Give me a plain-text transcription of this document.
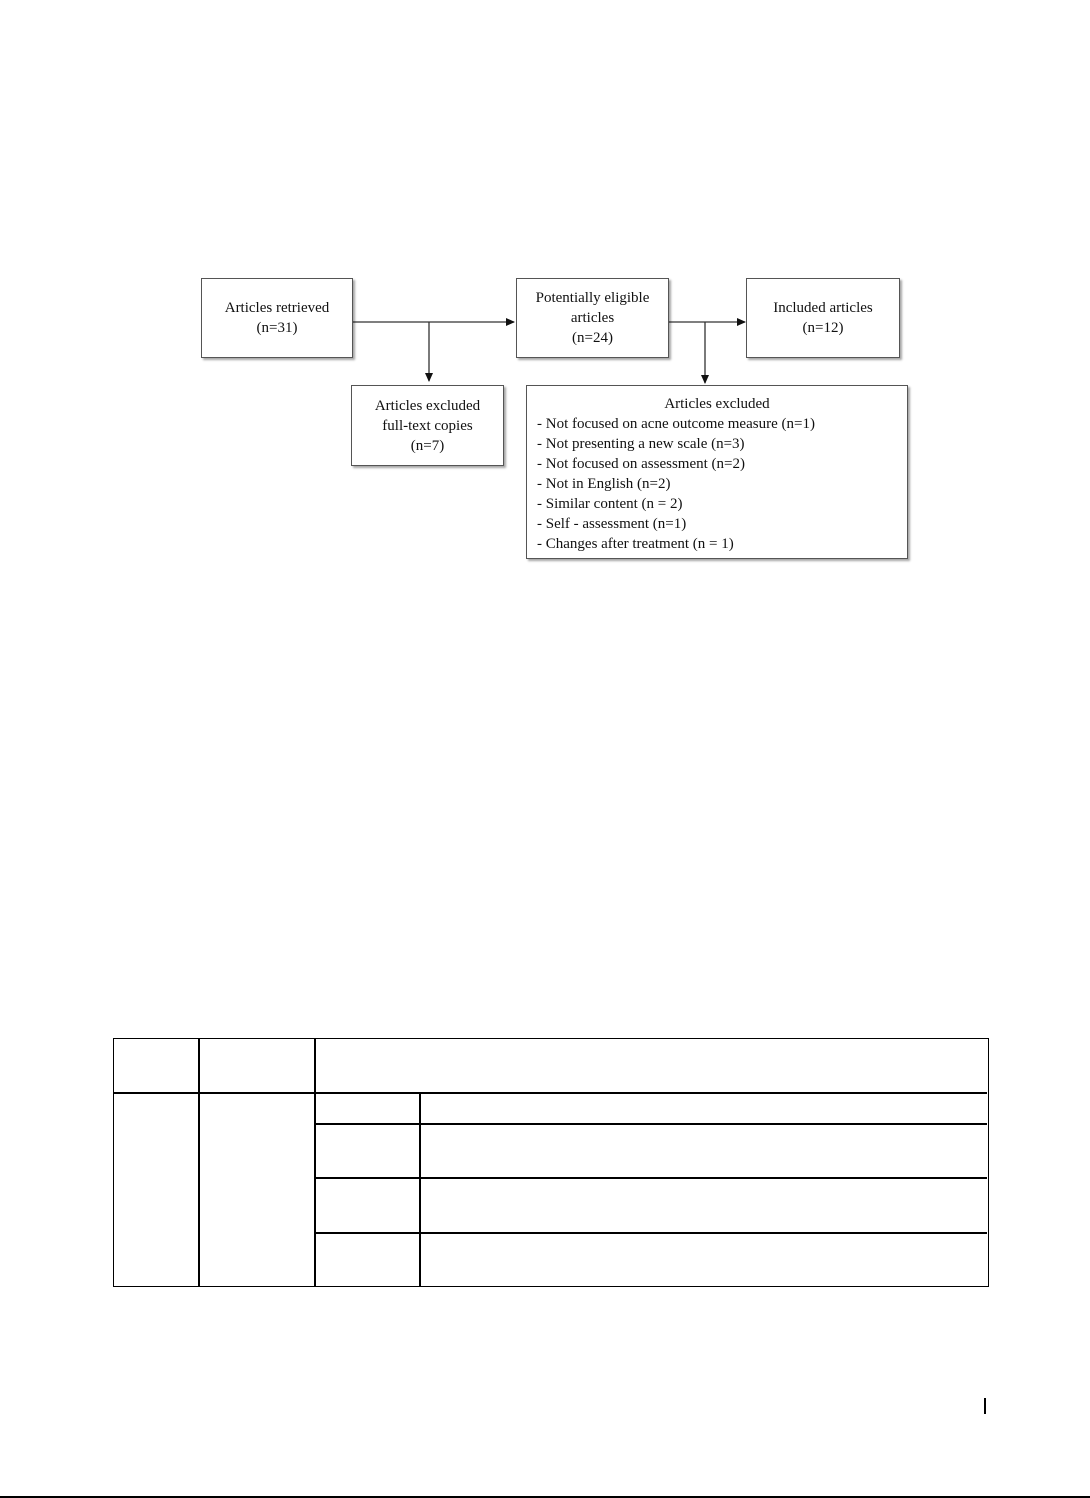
Articles retrieved
(n=31)
Potentially eligible
articles
(n=24)
Included articles
(n=12)
Articles excluded
full-text copies
(n=7)
Articles excluded
- Not focused on acne outcome measure (n=1)
- Not presenting a new scale (n=3)
- Not focused on assessment (n=2)
- Not in English (n=2)
- Similar content (n = 2)
- Self - assessment (n=1)
- Changes after treatment (n = 1)
